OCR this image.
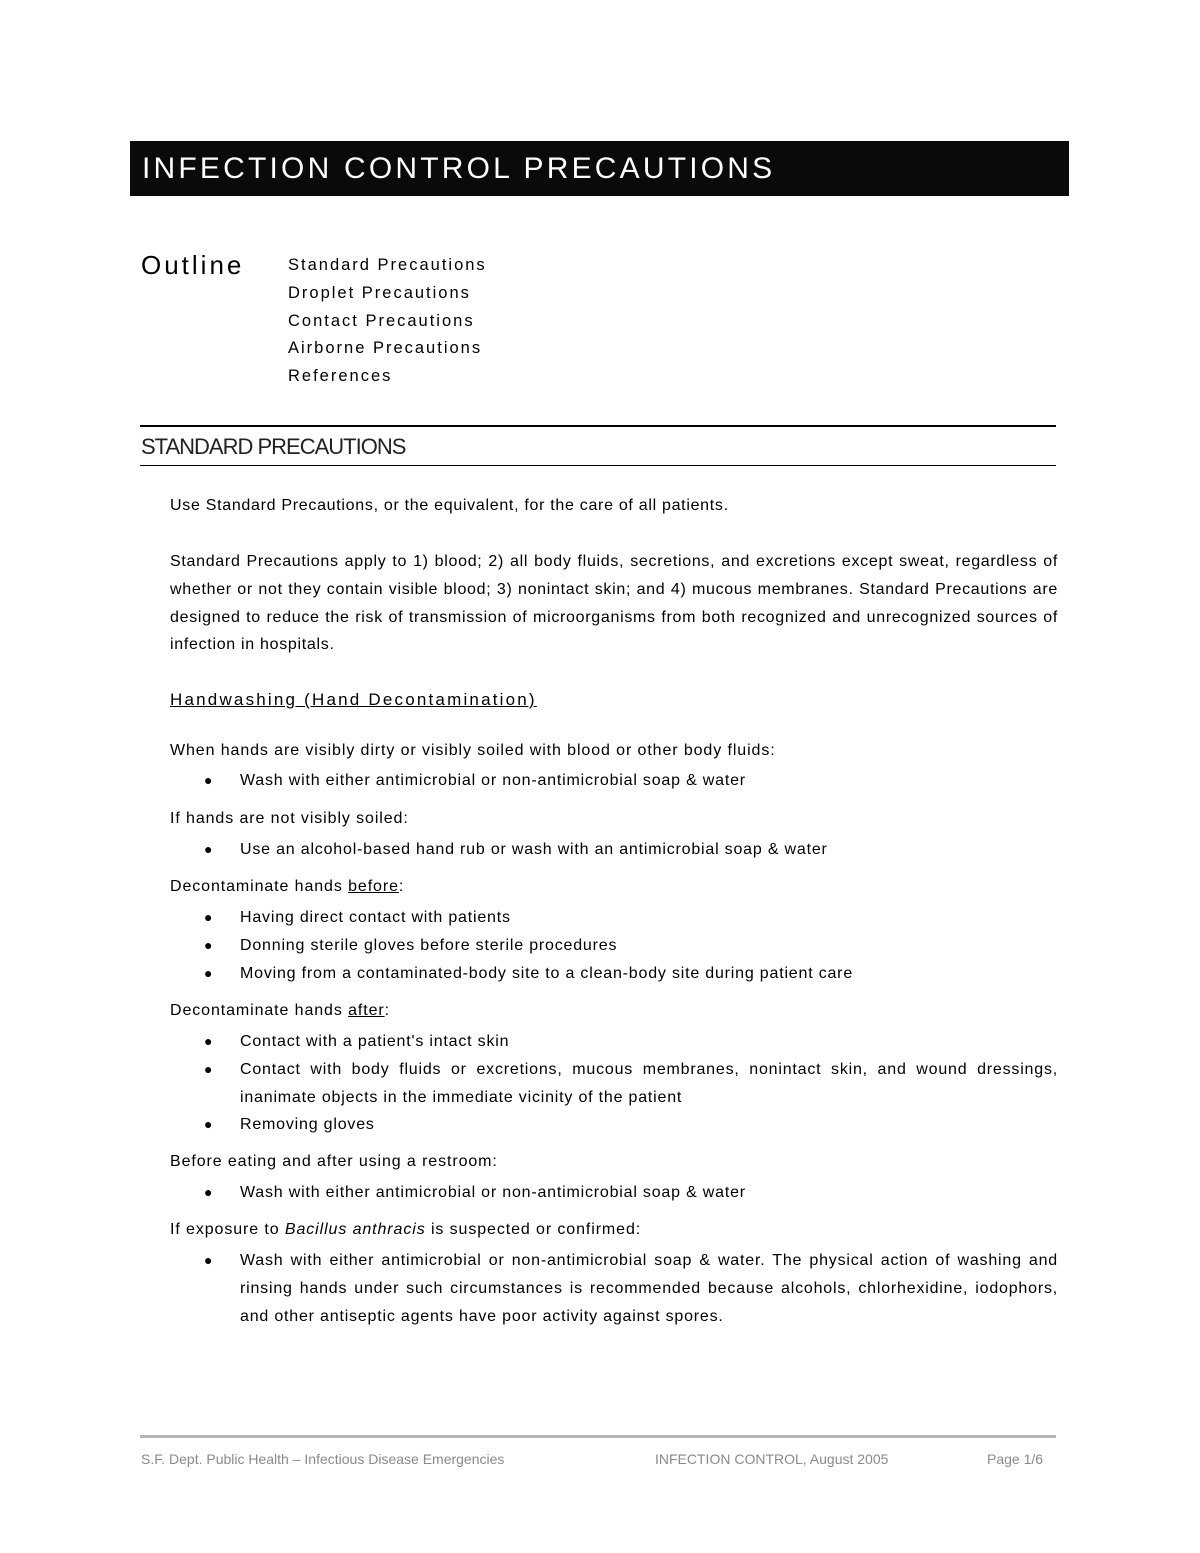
INFECTION CONTROL PRECAUTIONS
Outline	Standard Precautions
Droplet Precautions
Contact Precautions
Airborne Precautions
References
STANDARD PRECAUTIONS

Use Standard Precautions, or the equivalent, for the care of all patients.

Standard Precautions apply to 1) blood; 2) all body fluids, secretions, and excretions except sweat, regardless of whether or not they contain visible blood; 3) nonintact skin; and 4) mucous membranes. Standard Precautions are designed to reduce the risk of transmission of microorganisms from both recognized and unrecognized sources of infection in hospitals.

Handwashing (Hand Decontamination)
When hands are visibly dirty or visibly soiled with blood or other body fluids:
● Wash with either antimicrobial or non-antimicrobial soap & water
If hands are not visibly soiled:
● Use an alcohol-based hand rub or wash with an antimicrobial soap & water
Decontaminate hands before:
● Having direct contact with patients
● Donning sterile gloves before sterile procedures
● Moving from a contaminated-body site to a clean-body site during patient care
Decontaminate hands after:
● Contact with a patient's intact skin
● Contact with body fluids or excretions, mucous membranes, nonintact skin, and wound dressings, inanimate objects in the immediate vicinity of the patient
● Removing gloves
Before eating and after using a restroom:
● Wash with either antimicrobial or non-antimicrobial soap & water
If exposure to Bacillus anthracis is suspected or confirmed:
● Wash with either antimicrobial or non-antimicrobial soap & water. The physical action of washing and rinsing hands under such circumstances is recommended because alcohols, chlorhexidine, iodophors, and other antiseptic agents have poor activity against spores.
S.F. Dept. Public Health – Infectious Disease Emergencies	INFECTION CONTROL, August 2005	Page 1/6
